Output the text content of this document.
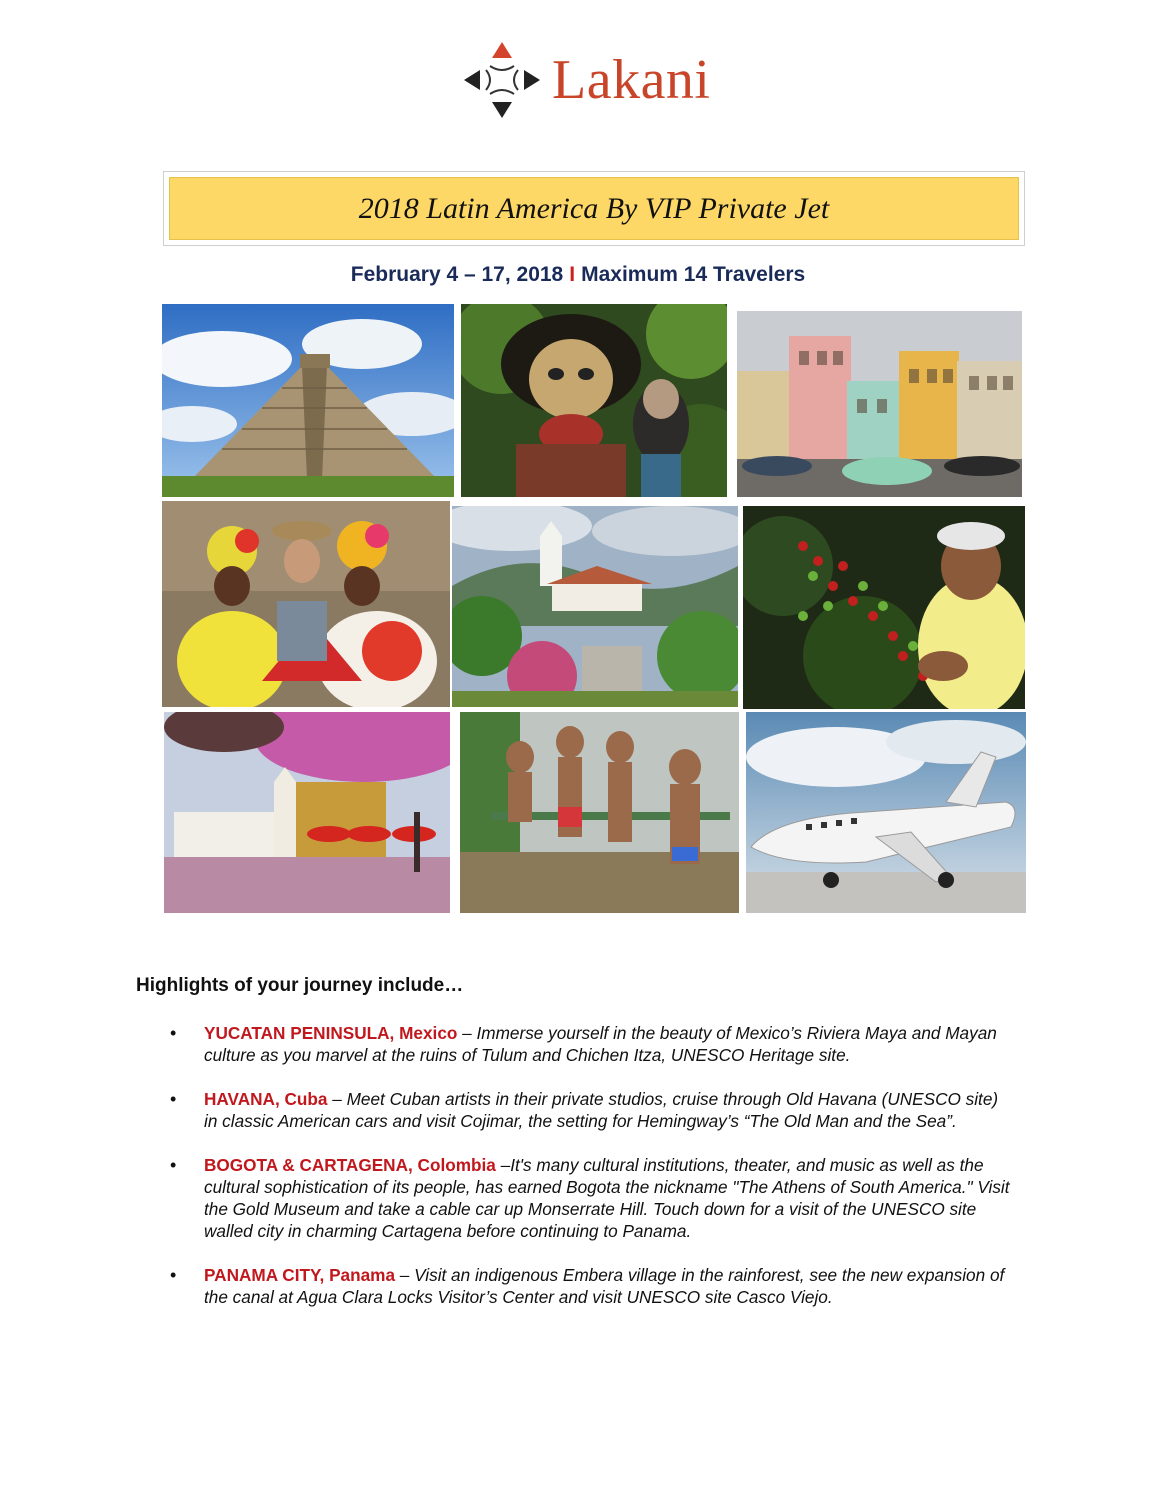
Lakani
2018 Latin America By VIP Private Jet
February 4 – 17, 2018 I Maximum 14 Travelers
Highlights of your journey include…
• YUCATAN PENINSULA, Mexico – Immerse yourself in the beauty of Mexico’s Riviera Maya and Mayan culture as you marvel at the ruins of Tulum and Chichen Itza, UNESCO Heritage site.
• HAVANA, Cuba – Meet Cuban artists in their private studios, cruise through Old Havana (UNESCO site) in classic American cars and visit Cojimar, the setting for Hemingway’s “The Old Man and the Sea”.
• BOGOTA & CARTAGENA, Colombia –It's many cultural institutions, theater, and music as well as the cultural sophistication of its people, has earned Bogota the nickname "The Athens of South America." Visit the Gold Museum and take a cable car up Monserrate Hill. Touch down for a visit of the UNESCO site walled city in charming Cartagena before continuing to Panama.
• PANAMA CITY, Panama – Visit an indigenous Embera village in the rainforest, see the new expansion of the canal at Agua Clara Locks Visitor’s Center and visit UNESCO site Casco Viejo.
